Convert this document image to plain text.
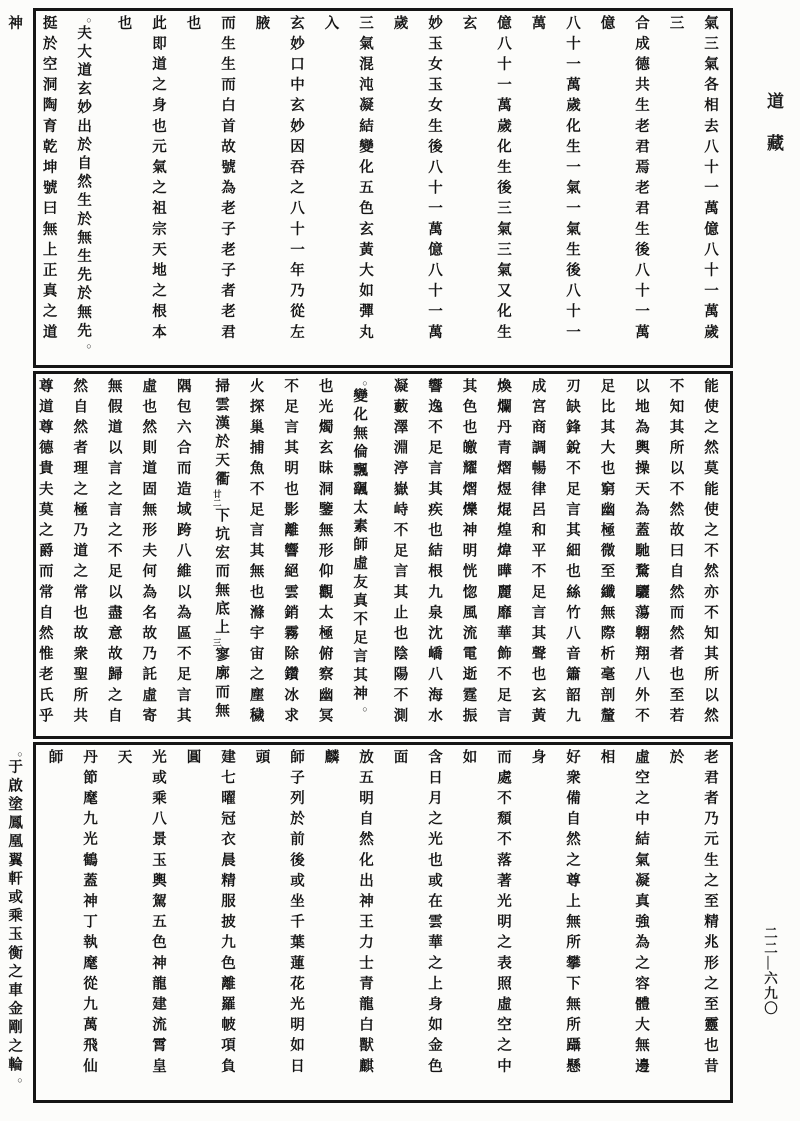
氣三氣各相去八十一萬億八十一萬歲三
合成德共生老君焉老君生後八十一萬億
八十一萬歲化生一氣一氣生後八十一萬
億八十一萬歲化生後三氣三氣又化生玄
妙玉女玉女生後八十一萬億八十一萬歲
三氣混沌凝結變化五色玄黃大如彈丸入
玄妙口中玄妙因吞之八十一年乃從左腋
而生生而白首故號為老子老子者老君也
此即道之身也元氣之祖宗天地之根本也
○夫大道玄妙出於自然生於無生先於無先○
挺於空洞陶育乾坤號曰無上正真之道神
能使之然莫能使之不然亦不知其所以然
不知其所以不然故曰自然而然者也至若
以地為輿操天為蓋馳騖驪蕩翺翔八外不
足比其大也窮幽極微至纖無際析毫剖釐
刃缺鋒銳不足言其細也絲竹八音簫韶九
成宮商調暢律呂和平不足言其聲也玄黃
煥爛丹青熠煜焜煌煒曄麗靡華飾不足言
其色也皦耀熠爍神明恍惚風流電逝霆振
響逸不足言其疾也結根九泉沈嶠八海水
凝藪澤淵渟嶽峙不足言其止也陰陽不測
○變化無倫飄颻太素師虛友真不足言其神○
也光燭玄昧洞鑒無形仰觀太極俯察幽冥
不足言其明也影離響絕雲銷霧除鑽冰求
火探巢捕魚不足言其無也滌宇宙之塵穢
掃雲漢於天衢$_{廿二}$下坑宏而無底上$_三$寥廓而無
隅包六合而造域跨八維以為區不足言其
虛也然則道固無形夫何為名故乃託虛寄
無假道以言之言之不足以盡意故歸之自
然自然者理之極乃道之常也故衆聖所共
尊道尊德貴夫莫之爵而常自然惟老氏乎
老君者乃元生之至精兆形之至靈也昔於
虛空之中結氣凝真強為之容體大無邊相
好衆備自然之尊上無所攀下無所躡懸身
而處不頹不落著光明之表照虛空之中如
含日月之光也或在雲華之上身如金色面
放五明自然化出神王力士青龍白獸麒麟
師子列於前後或坐千葉蓮花光明如日頭
建七曜冠衣晨精服披九色離羅帔項負圓
光或乘八景玉輿駕五色神龍建流霄皇天
丹節麾九光鶴蓋神丁執麾從九萬飛仙師
○于啟塗鳳凰翼軒或乘玉衡之車金剛之輪○
道藏
二二—六九〇
